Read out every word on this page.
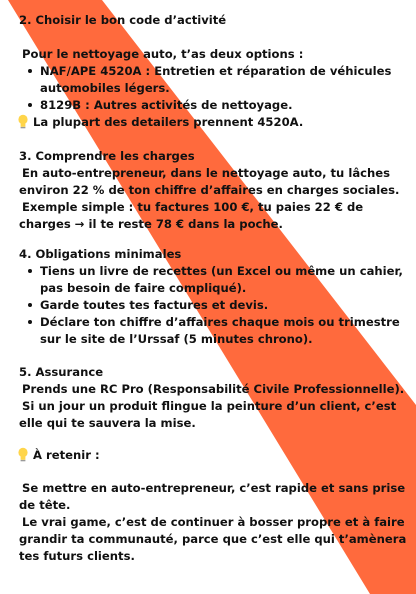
2. Choisir le bon code d’activité
Pour le nettoyage auto, t’as deux options :
NAF/APE 4520A : Entretien et réparation de véhicules
automobiles légers.
8129B : Autres activités de nettoyage.
La plupart des detailers prennent 4520A.
3. Comprendre les charges
En auto-entrepreneur, dans le nettoyage auto, tu lâches
environ 22 % de ton chiffre d’affaires en charges sociales.
Exemple simple : tu factures 100 €, tu paies 22 € de
charges → il te reste 78 € dans la poche.
4. Obligations minimales
Tiens un livre de recettes (un Excel ou même un cahier,
pas besoin de faire compliqué).
Garde toutes tes factures et devis.
Déclare ton chiffre d’affaires chaque mois ou trimestre
sur le site de l’Urssaf (5 minutes chrono).
5. Assurance
Prends une RC Pro (Responsabilité Civile Professionnelle).
Si un jour un produit flingue la peinture d’un client, c’est
elle qui te sauvera la mise.
À retenir :
Se mettre en auto-entrepreneur, c’est rapide et sans prise
de tête.
Le vrai game, c’est de continuer à bosser propre et à faire
grandir ta communauté, parce que c’est elle qui t’amènera
tes futurs clients.
